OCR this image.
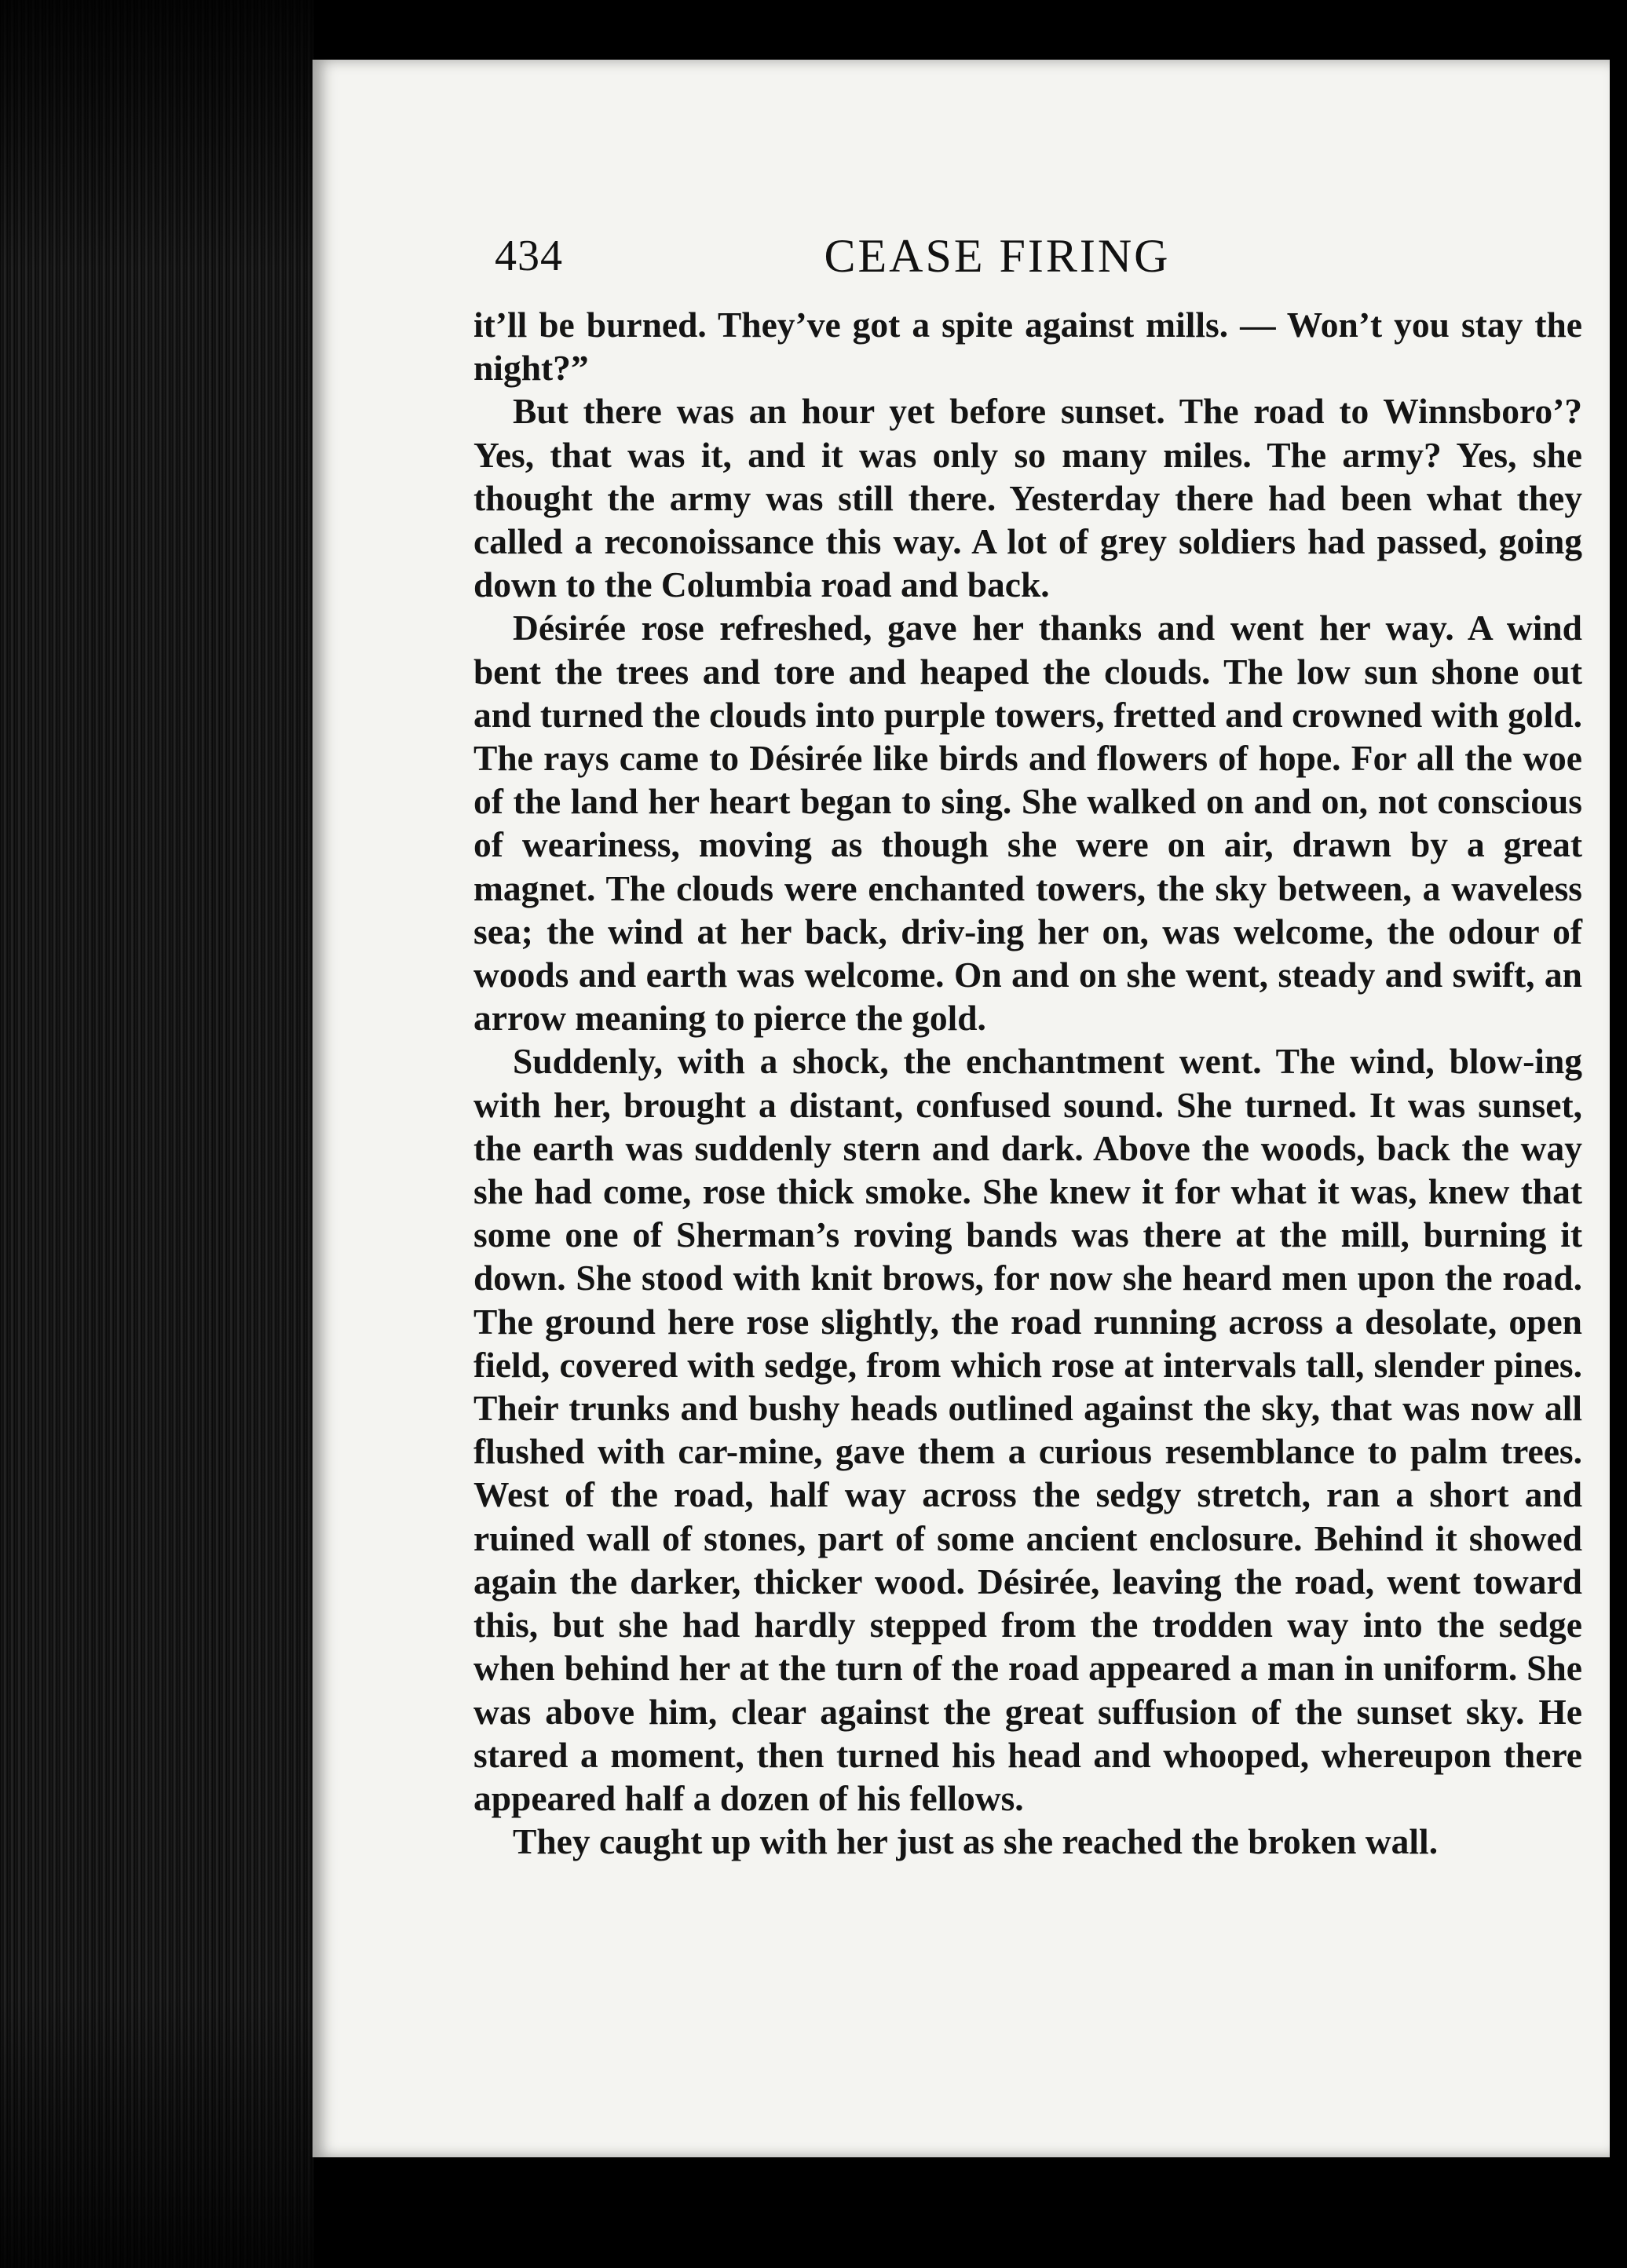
434	CEASE FIRING

it’ll be burned. They’ve got a spite against mills. — Won’t you stay the night?”

But there was an hour yet before sunset. The road to Winnsboro’? Yes, that was it, and it was only so many miles. The army? Yes, she thought the army was still there. Yesterday there had been what they called a reconoissance this way. A lot of grey soldiers had passed, going down to the Columbia road and back.

Désirée rose refreshed, gave her thanks and went her way. A wind bent the trees and tore and heaped the clouds. The low sun shone out and turned the clouds into purple towers, fretted and crowned with gold. The rays came to Désirée like birds and flowers of hope. For all the woe of the land her heart began to sing. She walked on and on, not conscious of weariness, moving as though she were on air, drawn by a great magnet. The clouds were enchanted towers, the sky between, a waveless sea; the wind at her back, driv-ing her on, was welcome, the odour of woods and earth was welcome. On and on she went, steady and swift, an arrow meaning to pierce the gold.

Suddenly, with a shock, the enchantment went. The wind, blow-ing with her, brought a distant, confused sound. She turned. It was sunset, the earth was suddenly stern and dark. Above the woods, back the way she had come, rose thick smoke. She knew it for what it was, knew that some one of Sherman’s roving bands was there at the mill, burning it down. She stood with knit brows, for now she heard men upon the road. The ground here rose slightly, the road running across a desolate, open field, covered with sedge, from which rose at intervals tall, slender pines. Their trunks and bushy heads outlined against the sky, that was now all flushed with car-mine, gave them a curious resemblance to palm trees. West of the road, half way across the sedgy stretch, ran a short and ruined wall of stones, part of some ancient enclosure. Behind it showed again the darker, thicker wood. Désirée, leaving the road, went toward this, but she had hardly stepped from the trodden way into the sedge when behind her at the turn of the road appeared a man in uniform. She was above him, clear against the great suffusion of the sunset sky. He stared a moment, then turned his head and whooped, whereupon there appeared half a dozen of his fellows.

They caught up with her just as she reached the broken wall.
